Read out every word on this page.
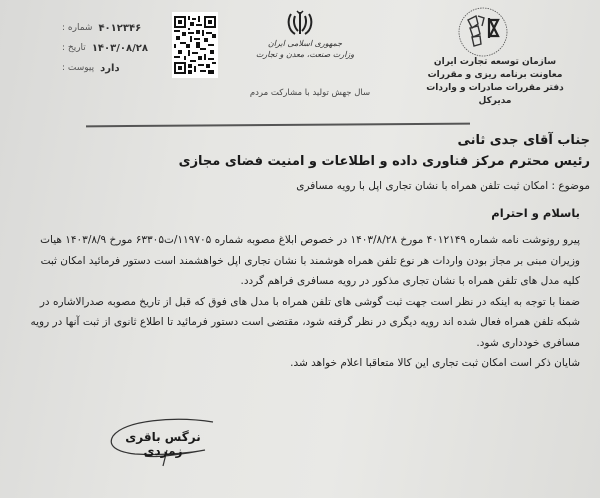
شماره : ۴۰۱۲۳۴۶
تاریخ : ۱۴۰۳/۰۸/۲۸
پیوست : دارد
جمهوری اسلامی ایران
وزارت صنعت، معدن و تجارت
سال جهش تولید با مشارکت مردم
سازمان توسعه تجارت ایران
معاونت برنامه ریزی و مقررات
دفتر مقررات صادرات و واردات
مدیرکل
جناب آقای جدی ثانی
رئیس محترم مرکز فناوری داده و اطلاعات و امنیت فضای مجازی
موضوع : امکان ثبت تلفن همراه با نشان تجاری اپل با رویه مسافری
باسلام و احترام

پیرو رونوشت نامه شماره ۴۰۱۲۱۴۹ مورخ ۱۴۰۳/۸/۲۸ در خصوص ابلاغ مصوبه شماره ۱۱۹۷۰۵/ت۶۳۳۰۵ مورخ ۱۴۰۳/۸/۹ هیات وزیران مبنی بر مجاز بودن واردات هر نوع تلفن همراه هوشمند با نشان تجاری اپل خواهشمند است دستور فرمائید امکان ثبت کلیه مدل های تلفن همراه با نشان تجاری مذکور در رویه مسافری فراهم گردد.

ضمنا با توجه به اینکه در نظر است جهت ثبت گوشی های تلفن همراه با مدل های فوق که قبل از تاریخ مصوبه صدرالاشاره در شبکه تلفن همراه فعال شده اند رویه دیگری در نظر گرفته شود، مقتضی است دستور فرمائید تا اطلاع ثانوی از ثبت آنها در رویه مسافری خودداری شود.

شایان ذکر است امکان ثبت تجاری این کالا متعاقبا اعلام خواهد شد.

نرگس باقری زمردی
